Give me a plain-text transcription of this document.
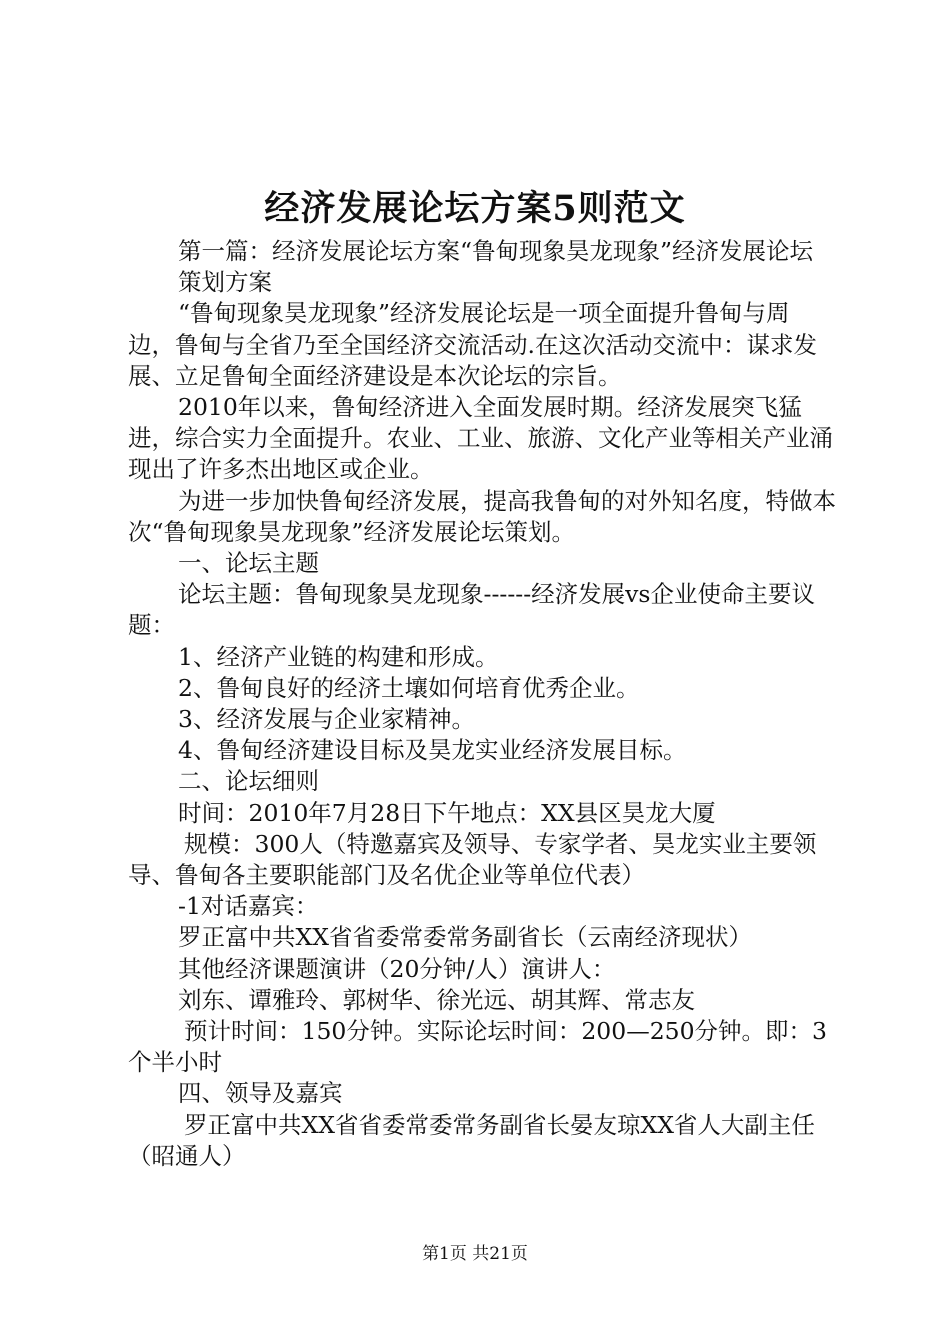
经济发展论坛方案5则范文

第一篇：经济发展论坛方案“鲁甸现象昊龙现象”经济发展论坛

策划方案

“鲁甸现象昊龙现象”经济发展论坛是一项全面提升鲁甸与周边，鲁甸与全省乃至全国经济交流活动.在这次活动交流中：谋求发展、立足鲁甸全面经济建设是本次论坛的宗旨。

2010年以来，鲁甸经济进入全面发展时期。经济发展突飞猛进，综合实力全面提升。农业、工业、旅游、文化产业等相关产业涌现出了许多杰出地区或企业。

为进一步加快鲁甸经济发展，提高我鲁甸的对外知名度，特做本次“鲁甸现象昊龙现象”经济发展论坛策划。

一、论坛主题

论坛主题：鲁甸现象昊龙现象------经济发展vs企业使命主要议题：

1、经济产业链的构建和形成。

2、鲁甸良好的经济土壤如何培育优秀企业。

3、经济发展与企业家精神。

4、鲁甸经济建设目标及昊龙实业经济发展目标。

二、论坛细则

时间：2010年7月28日下午地点：XX县区昊龙大厦

规模：300人（特邀嘉宾及领导、专家学者、昊龙实业主要领导、鲁甸各主要职能部门及名优企业等单位代表）

-1对话嘉宾：

罗正富中共XX省省委常委常务副省长（云南经济现状）

其他经济课题演讲（20分钟/人）演讲人：

刘东、谭雅玲、郭树华、徐光远、胡其辉、常志友

预计时间：150分钟。实际论坛时间：200—250分钟。即：3个半小时

四、领导及嘉宾

罗正富中共XX省省委常委常务副省长晏友琼XX省人大副主任（昭通人）

第1页 共21页
